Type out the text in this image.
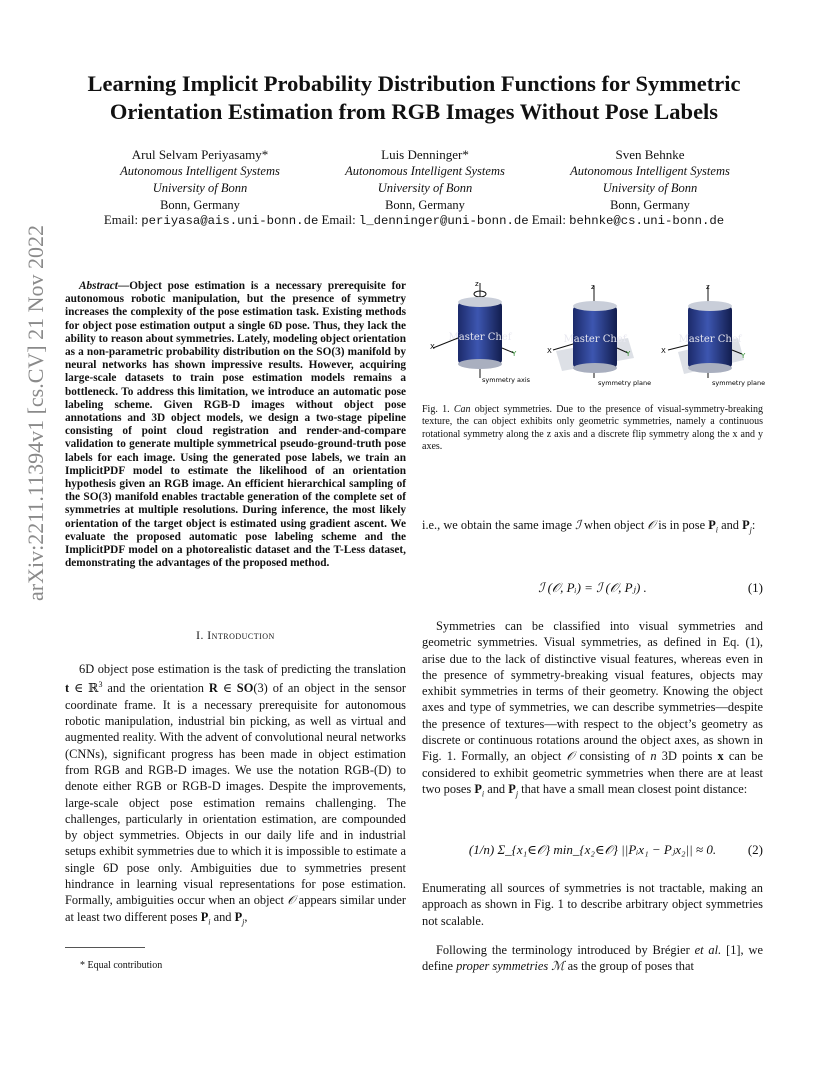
Learning Implicit Probability Distribution Functions for Symmetric Orientation Estimation from RGB Images Without Pose Labels
Arul Selvam Periyasamy*
Autonomous Intelligent Systems
University of Bonn
Bonn, Germany
Luis Denninger*
Autonomous Intelligent Systems
University of Bonn
Bonn, Germany
Sven Behnke
Autonomous Intelligent Systems
University of Bonn
Bonn, Germany
Email: periyasa@ais.uni-bonn.de Email: l_denninger@uni-bonn.de Email: behnke@cs.uni-bonn.de
arXiv:2211.11394v1 [cs.CV] 21 Nov 2022	Abstract—Object pose estimation is a necessary prerequisite for autonomous robotic manipulation, but the presence of symmetry increases the complexity of the pose estimation task. Existing methods for object pose estimation output a single 6D pose. Thus, they lack the ability to reason about symmetries. Lately, modeling object orientation as a non-parametric probability distribution on the SO(3) manifold by neural networks has shown impressive results. However, acquiring large-scale datasets to train pose estimation models remains a bottleneck. To address this limitation, we introduce an automatic pose labeling scheme. Given RGB-D images without object pose annotations and 3D object models, we design a two-stage pipeline consisting of point cloud registration and render-and-compare validation to generate multiple symmetrical pseudo-ground-truth pose labels for each image. Using the generated pose labels, we train an ImplicitPDF model to estimate the likelihood of an orientation hypothesis given an RGB image. An efficient hierarchical sampling of the SO(3) manifold enables tractable generation of the complete set of symmetries at multiple resolutions. During inference, the most likely orientation of the target object is estimated using gradient ascent. We evaluate the proposed automatic pose labeling scheme and the ImplicitPDF model on a photorealistic dataset and the T-Less dataset, demonstrating the advantages of the proposed method.
I. Introduction
6D object pose estimation is the task of predicting the translation t ∈ ℝ$^3$ and the orientation R ∈ SO(3) of an object in the sensor coordinate frame. It is a necessary prerequisite for autonomous robotic manipulation, industrial bin picking, as well as virtual and augmented reality. With the advent of convolutional neural networks (CNNs), significant progress has been made in object estimation from RGB and RGB-D images. We use the notation RGB-(D) to denote either RGB or RGB-D images. Despite the improvements, large-scale object pose estimation remains challenging. The challenges, particularly in orientation estimation, are compounded by object symmetries. Objects in our daily life and in industrial setups exhibit symmetries due to which it is impossible to estimate a single 6D pose only. Ambiguities due to symmetries present hindrance in learning visual representations for pose estimation. Formally, ambiguities occur when an object 𝒪 appears similar under at least two different poses $P_i$ and $P_j$,
* Equal contribution
Master Chef
z
X
Y
symmetry axis
Master Chef
z
X	Y
symmetry plane
Master Chef
z
X
Y
symmetry plane
Fig. 1. Can object symmetries. Due to the presence of visual-symmetry-breaking texture, the can object exhibits only geometric symmetries, namely a continuous rotational symmetry along the z axis and a discrete flip symmetry along the x and y axes.
i.e., we obtain the same image ℐ when object 𝒪 is in pose $P_i$ and $P_j$:
ℐ (𝒪, Pᵢ) = ℐ (𝒪, Pⱼ) .	(1)
Symmetries can be classified into visual symmetries and geometric symmetries. Visual symmetries, as defined in Eq. (1), arise due to the lack of distinctive visual features, whereas even in the presence of symmetry-breaking visual features, objects may exhibit symmetries in terms of their geometry. Knowing the object axes and type of symmetries, we can describe symmetries—despite the presence of textures—with respect to the object’s geometry as discrete or continuous rotations around the object axes, as shown in Fig. 1. Formally, an object 𝒪 consisting of n 3D points x can be considered to exhibit geometric symmetries when there are at least two poses $P_i$ and $P_j$ that have a small mean closest point distance:
(1/n) Σ_{x₁∈𝒪} min_{x₂∈𝒪} ||Pᵢx₁ − Pⱼx₂|| ≈ 0. (2)
Enumerating all sources of symmetries is not tractable, making an approach as shown in Fig. 1 to describe arbitrary object symmetries not scalable.
Following the terminology introduced by Brégier et al. [1], we define proper symmetries ℳ as the group of poses that
